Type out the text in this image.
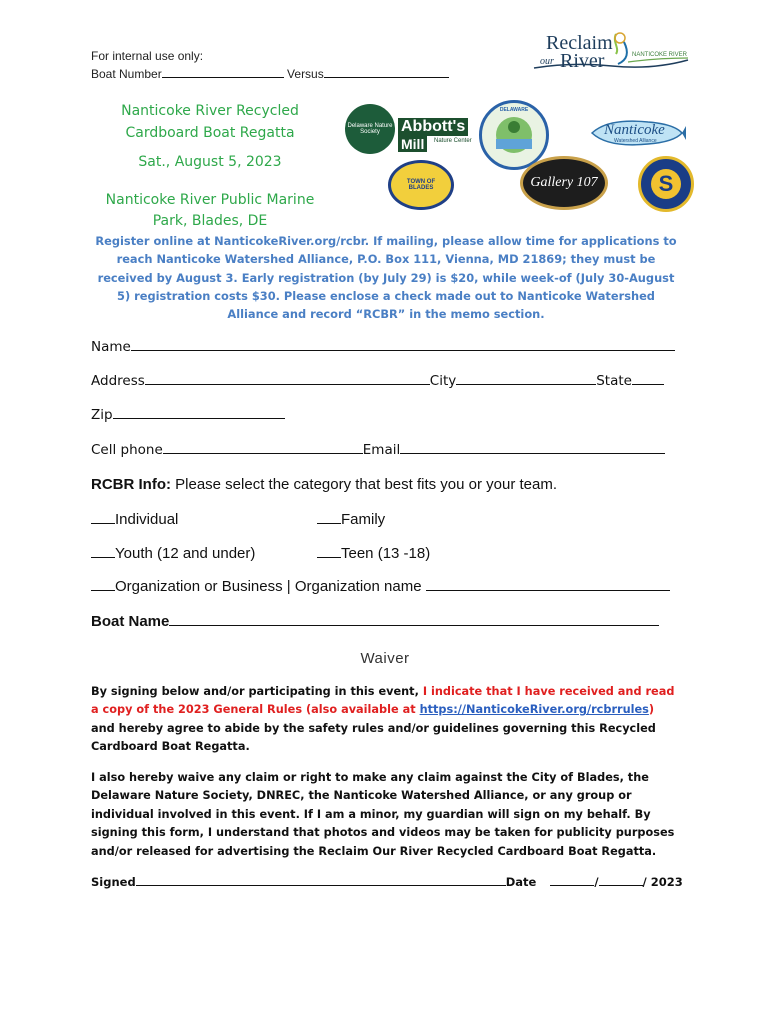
For internal use only:
Boat Number	Versus
Reclaim
our River	NANTICOKE RIVER
Nanticoke River Recycled
Cardboard Boat Regatta
Sat., August 5, 2023
Nanticoke River Public Marine
Park, Blades, DE
Delaware Nature Society	Abbott's
Mill	Nature Center
DELAWARE
Nanticoke
Watershed Alliance
TOWN OF BLADES	Gallery 107	S
Register online at NanticokeRiver.org/rcbr. If mailing, please allow time for applications to reach Nanticoke Watershed Alliance, P.O. Box 111, Vienna, MD 21869; they must be received by August 3. Early registration (by July 29) is $20, while week-of (July 30-August 5) registration costs $30. Please enclose a check made out to Nanticoke Watershed Alliance and record “RCBR” in the memo section.
Name
Address	City	State
Zip
Cell phone	Email
RCBR Info: Please select the category that best fits you or your team.
Individual	Family
Youth (12 and under)	Teen (13 -18)
Organization or Business | Organization name
Boat Name
Waiver
By signing below and/or participating in this event, I indicate that I have received and read a copy of the 2023 General Rules (also available at https://NanticokeRiver.org/rcbrrules) and hereby agree to abide by the safety rules and/or guidelines governing this Recycled Cardboard Boat Regatta.
I also hereby waive any claim or right to make any claim against the City of Blades, the Delaware Nature Society, DNREC, the Nanticoke Watershed Alliance, or any group or individual involved in this event. If I am a minor, my guardian will sign on my behalf. By signing this form, I understand that photos and videos may be taken for publicity purposes and/or released for advertising the Reclaim Our River Recycled Cardboard Boat Regatta.
Signed	Date	/	/ 2023
